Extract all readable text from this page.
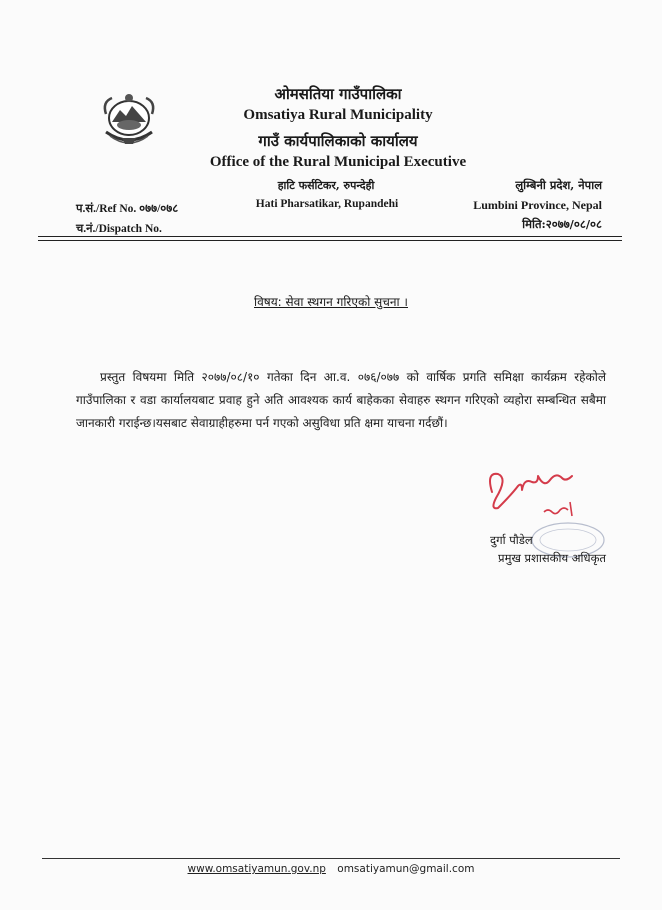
ओमसतिया गाउँपालिका
Omsatiya Rural Municipality
गाउँ कार्यपालिकाको कार्यालय
Office of the Rural Municipal Executive
हाटि फर्सटिकर, रुपन्देही
Hati Pharsatikar, Rupandehi
लुम्बिनी प्रदेश, नेपाल
Lumbini Province, Nepal
मिति:२०७७/०८/०८
प.सं./Ref No. ०७७/०७८
च.नं./Dispatch No.
विषय: सेवा स्थगन गरिएको सुचना ।

प्रस्तुत विषयमा मिति २०७७/०८/१० गतेका दिन आ.व. ०७६/०७७ को वार्षिक प्रगति समिक्षा कार्यक्रम रहेकोले गाउँपालिका र वडा कार्यालयबाट प्रवाह हुने अति आवश्यक कार्य बाहेकका सेवाहरु स्थगन गरिएको व्यहोरा सम्बन्धित सबैमा जानकारी गराईन्छ।यसबाट सेवाग्राहीहरुमा पर्न गएको असुविधा प्रति क्षमा याचना गर्दछौं।

दुर्गा पौडेल
प्रमुख प्रशासकीय अधिकृत
www.omsatiyamun.gov.np omsatiyamun@gmail.com
